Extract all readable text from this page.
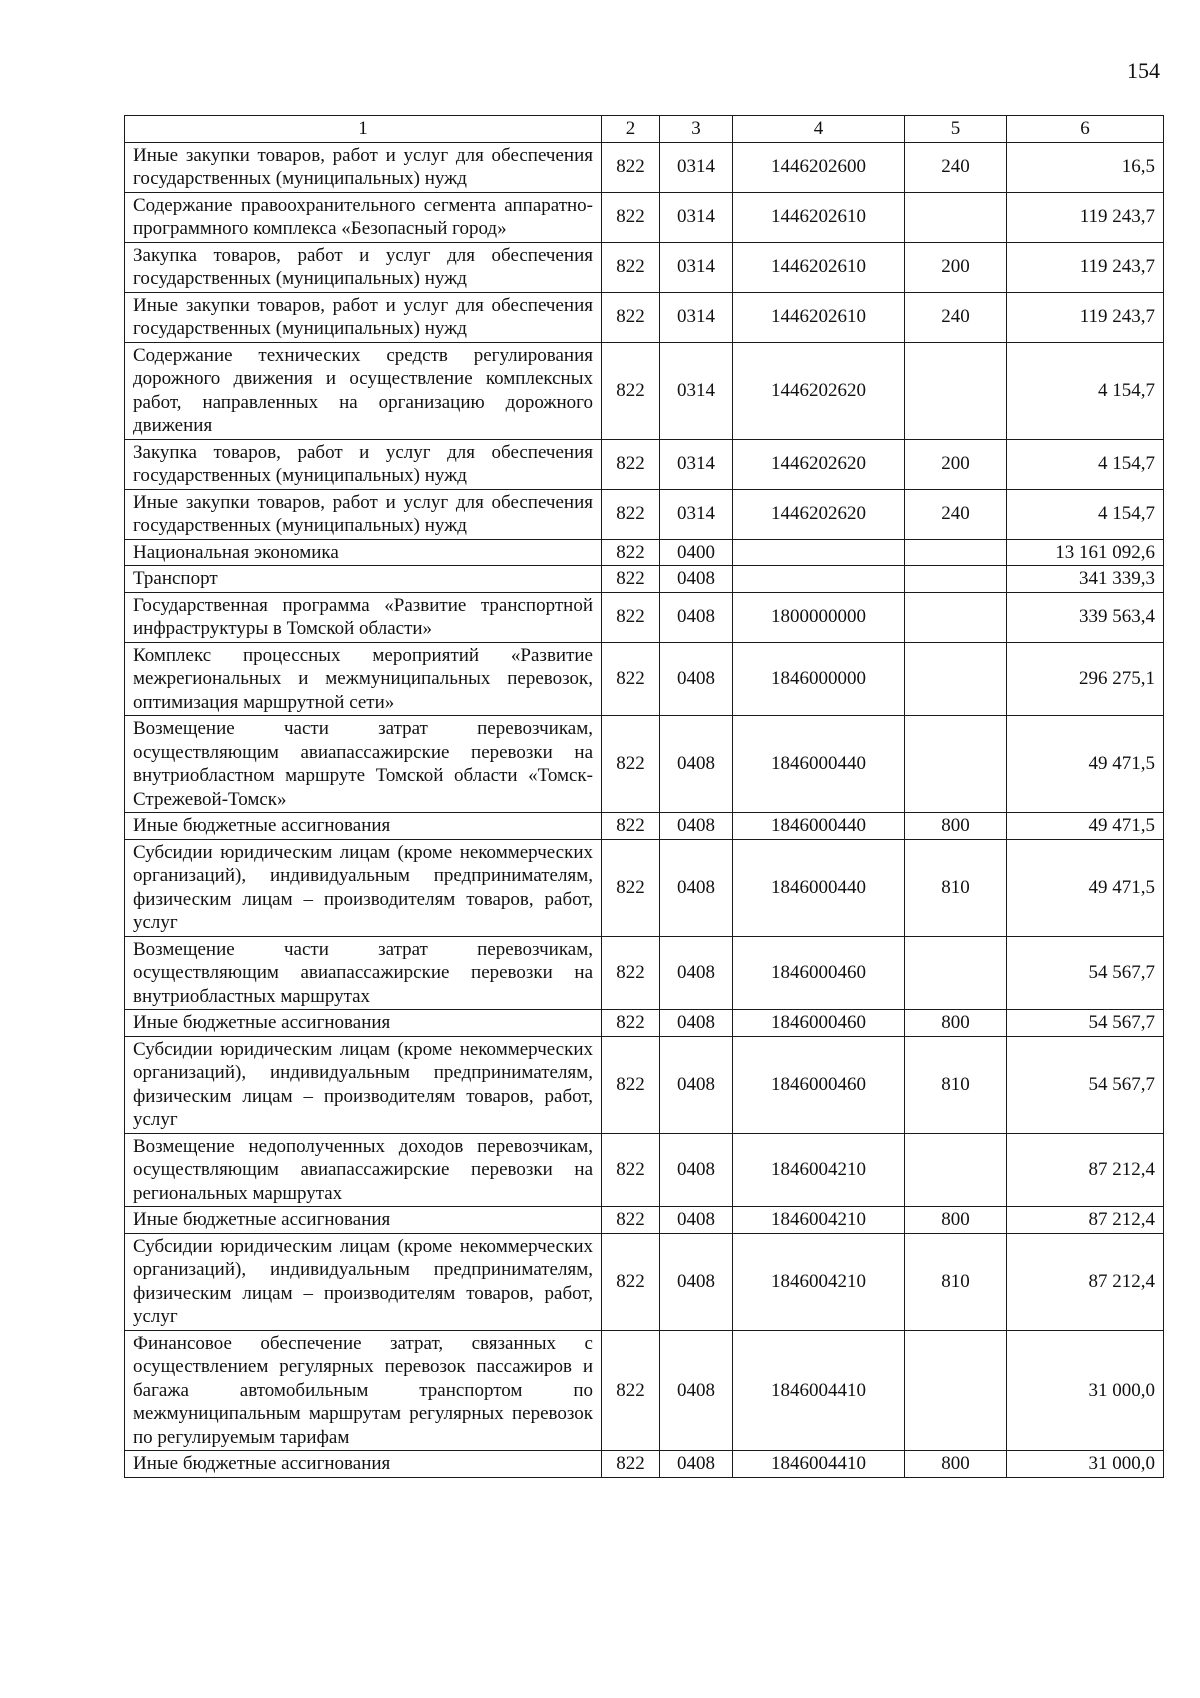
154
1	2	3	4	5	6
Иные закупки товаров, работ и услуг для обеспечения государственных (муниципальных) нужд	822	0314	1446202600	240	16,5
Содержание правоохранительного сегмента аппаратно-программного комплекса «Безопасный город»	822	0314	1446202610		119 243,7
Закупка товаров, работ и услуг для обеспечения государственных (муниципальных) нужд	822	0314	1446202610	200	119 243,7
Иные закупки товаров, работ и услуг для обеспечения государственных (муниципальных) нужд	822	0314	1446202610	240	119 243,7
Содержание технических средств регулирования дорожного движения и осуществление комплексных работ, направленных на организацию дорожного движения	822	0314	1446202620		4 154,7
Закупка товаров, работ и услуг для обеспечения государственных (муниципальных) нужд	822	0314	1446202620	200	4 154,7
Иные закупки товаров, работ и услуг для обеспечения государственных (муниципальных) нужд	822	0314	1446202620	240	4 154,7
Национальная экономика	822	0400			13 161 092,6
Транспорт	822	0408			341 339,3
Государственная программа «Развитие транспортной инфраструктуры в Томской области»	822	0408	1800000000		339 563,4
Комплекс процессных мероприятий «Развитие межрегиональных и межмуниципальных перевозок, оптимизация маршрутной сети»	822	0408	1846000000		296 275,1
Возмещение части затрат перевозчикам, осуществляющим авиапассажирские перевозки на внутриобластном маршруте Томской области «Томск-Стрежевой-Томск»	822	0408	1846000440		49 471,5
Иные бюджетные ассигнования	822	0408	1846000440	800	49 471,5
Субсидии юридическим лицам (кроме некоммерческих организаций), индивидуальным предпринимателям, физическим лицам – производителям товаров, работ, услуг	822	0408	1846000440	810	49 471,5
Возмещение части затрат перевозчикам, осуществляющим авиапассажирские перевозки на внутриобластных маршрутах	822	0408	1846000460		54 567,7
Иные бюджетные ассигнования	822	0408	1846000460	800	54 567,7
Субсидии юридическим лицам (кроме некоммерческих организаций), индивидуальным предпринимателям, физическим лицам – производителям товаров, работ, услуг	822	0408	1846000460	810	54 567,7
Возмещение недополученных доходов перевозчикам, осуществляющим авиапассажирские перевозки на региональных маршрутах	822	0408	1846004210		87 212,4
Иные бюджетные ассигнования	822	0408	1846004210	800	87 212,4
Субсидии юридическим лицам (кроме некоммерческих организаций), индивидуальным предпринимателям, физическим лицам – производителям товаров, работ, услуг	822	0408	1846004210	810	87 212,4
Финансовое обеспечение затрат, связанных с осуществлением регулярных перевозок пассажиров и багажа автомобильным транспортом по межмуниципальным маршрутам регулярных перевозок по регулируемым тарифам	822	0408	1846004410		31 000,0
Иные бюджетные ассигнования	822	0408	1846004410	800	31 000,0
